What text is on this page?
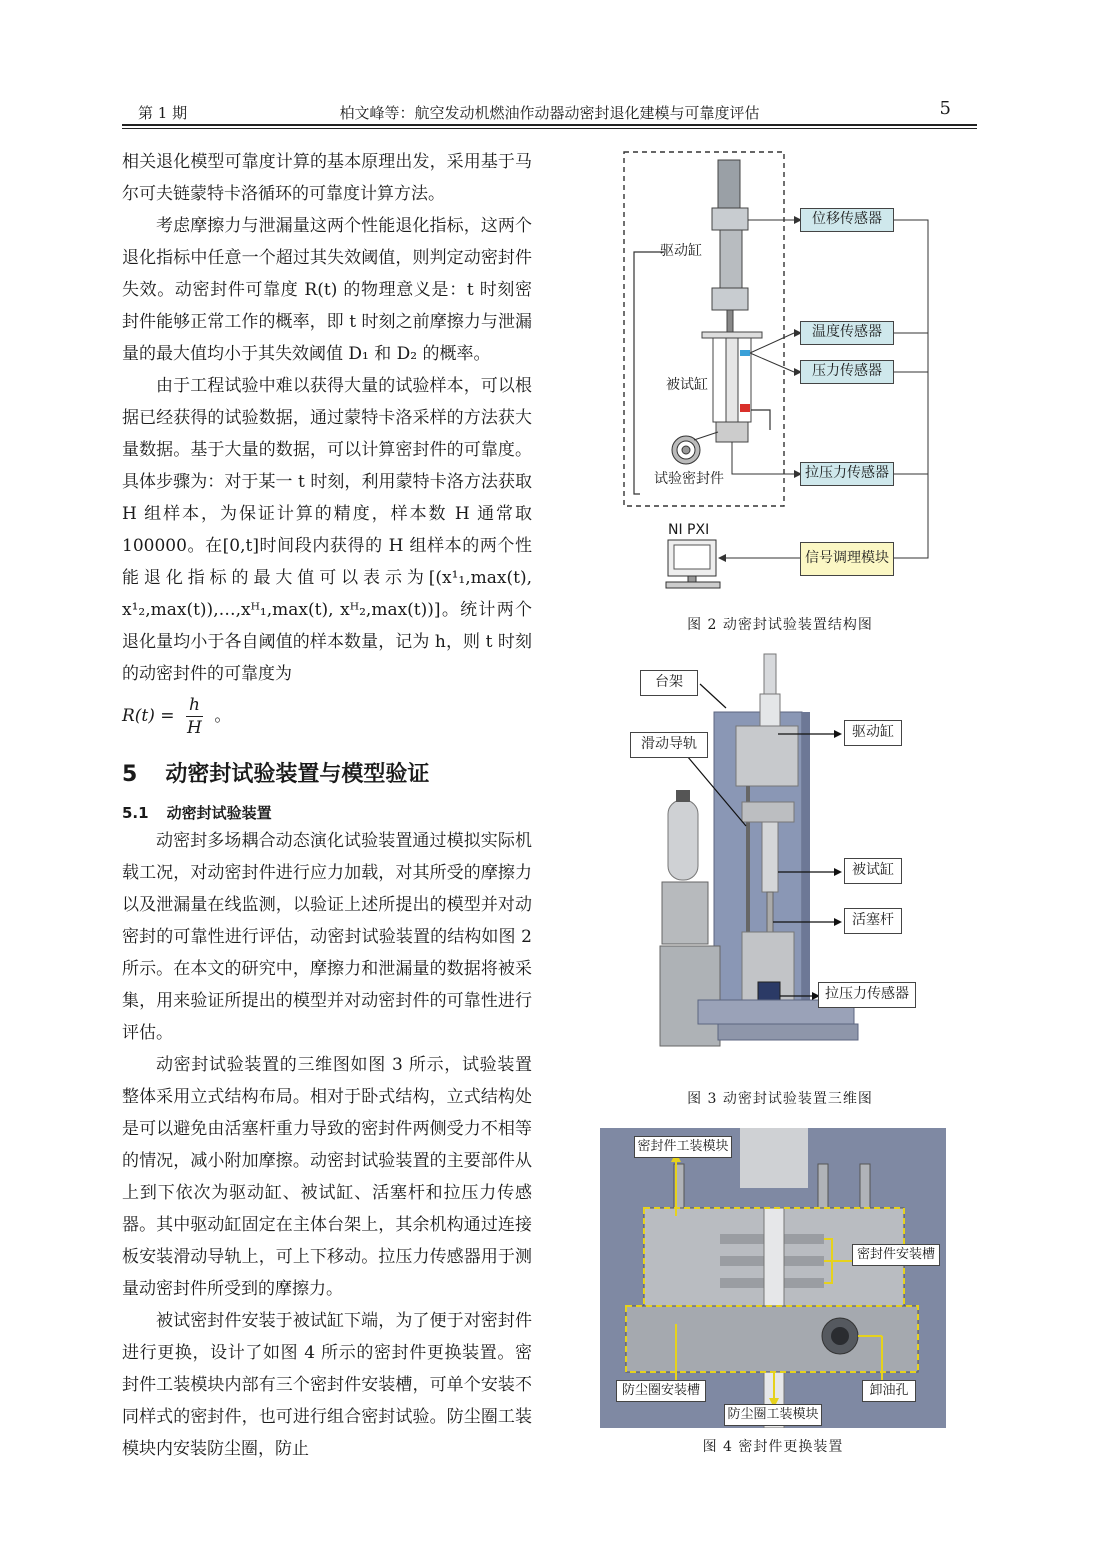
第 1 期	柏文峰等：航空发动机燃油作动器动密封退化建模与可靠度评估	5

相关退化模型可靠度计算的基本原理出发，采用基于马尔可夫链蒙特卡洛循环的可靠度计算方法。

考虑摩擦力与泄漏量这两个性能退化指标，这两个退化指标中任意一个超过其失效阈值，则判定动密封件失效。动密封件可靠度 R(t) 的物理意义是：t 时刻密封件能够正常工作的概率，即 t 时刻之前摩擦力与泄漏量的最大值均小于其失效阈值 D₁ 和 D₂ 的概率。

由于工程试验中难以获得大量的试验样本，可以根据已经获得的试验数据，通过蒙特卡洛采样的方法获大量数据。基于大量的数据，可以计算密封件的可靠度。具体步骤为：对于某一 t 时刻，利用蒙特卡洛方法获取 H 组样本，为保证计算的精度，样本数 H 通常取 100000。在[0,t]时间段内获得的 H 组样本的两个性能退化指标的最大值可以表示为[(x¹₁,max(t), x¹₂,max(t)),…,xᴴ₁,max(t), xᴴ₂,max(t))]。统计两个退化量均小于各自阈值的样本数量，记为 h，则 t 时刻的动密封件的可靠度为

$R(t) = \frac{h}{H}$ 。
5 动密封试验装置与模型验证
5.1 动密封试验装置

动密封多场耦合动态演化试验装置通过模拟实际机载工况，对动密封件进行应力加载，对其所受的摩擦力以及泄漏量在线监测，以验证上述所提出的模型并对动密封的可靠性进行评估，动密封试验装置的结构如图 2 所示。在本文的研究中，摩擦力和泄漏量的数据将被采集，用来验证所提出的模型并对动密封件的可靠性进行评估。

动密封试验装置的三维图如图 3 所示，试验装置整体采用立式结构布局。相对于卧式结构，立式结构处是可以避免由活塞杆重力导致的密封件两侧受力不相等的情况，减小附加摩擦。动密封试验装置的主要部件从上到下依次为驱动缸、被试缸、活塞杆和拉压力传感器。其中驱动缸固定在主体台架上，其余机构通过连接板安装滑动导轨上，可上下移动。拉压力传感器用于测量动密封件所受到的摩擦力。

被试密封件安装于被试缸下端，为了便于对密封件进行更换，设计了如图 4 所示的密封件更换装置。密封件工装模块内部有三个密封件安装槽，可单个安装不同样式的密封件，也可进行组合密封试验。防尘圈工装模块内安装防尘圈，防止

驱动缸
被试缸
试验密封件
位移传感器
温度传感器
压力传感器
拉压力传感器
信号调理模块
NI PXI
图 2 动密封试验装置结构图
台架
滑动导轨
驱动缸
被试缸
活塞杆
拉压力传感器
图 3 动密封试验装置三维图
密封件工装模块
密封件安装槽
防尘圈安装槽	卸油孔
防尘圈工装模块
图 4 密封件更换装置
